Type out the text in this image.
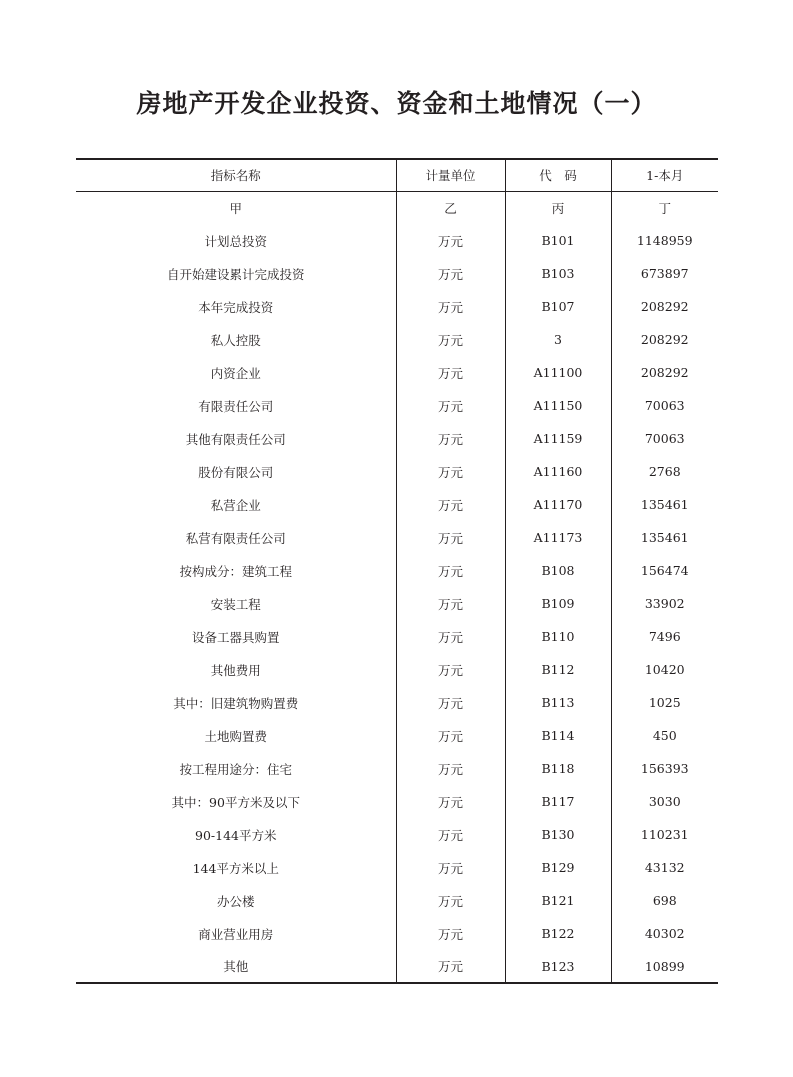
房地产开发企业投资、资金和土地情况（一）
指标名称	计量单位	代　码	1-本月
甲	乙	丙	丁
计划总投资	万元	B101	1148959
自开始建设累计完成投资	万元	B103	673897
本年完成投资	万元	B107	208292
私人控股	万元	3	208292
内资企业	万元	A11100	208292
有限责任公司	万元	A11150	70063
其他有限责任公司	万元	A11159	70063
股份有限公司	万元	A11160	2768
私营企业	万元	A11170	135461
私营有限责任公司	万元	A11173	135461
按构成分：建筑工程	万元	B108	156474
安装工程	万元	B109	33902
设备工器具购置	万元	B110	7496
其他费用	万元	B112	10420
其中：旧建筑物购置费	万元	B113	1025
土地购置费	万元	B114	450
按工程用途分：住宅	万元	B118	156393
其中：90平方米及以下	万元	B117	3030
90-144平方米	万元	B130	110231
144平方米以上	万元	B129	43132
办公楼	万元	B121	698
商业营业用房	万元	B122	40302
其他	万元	B123	10899
